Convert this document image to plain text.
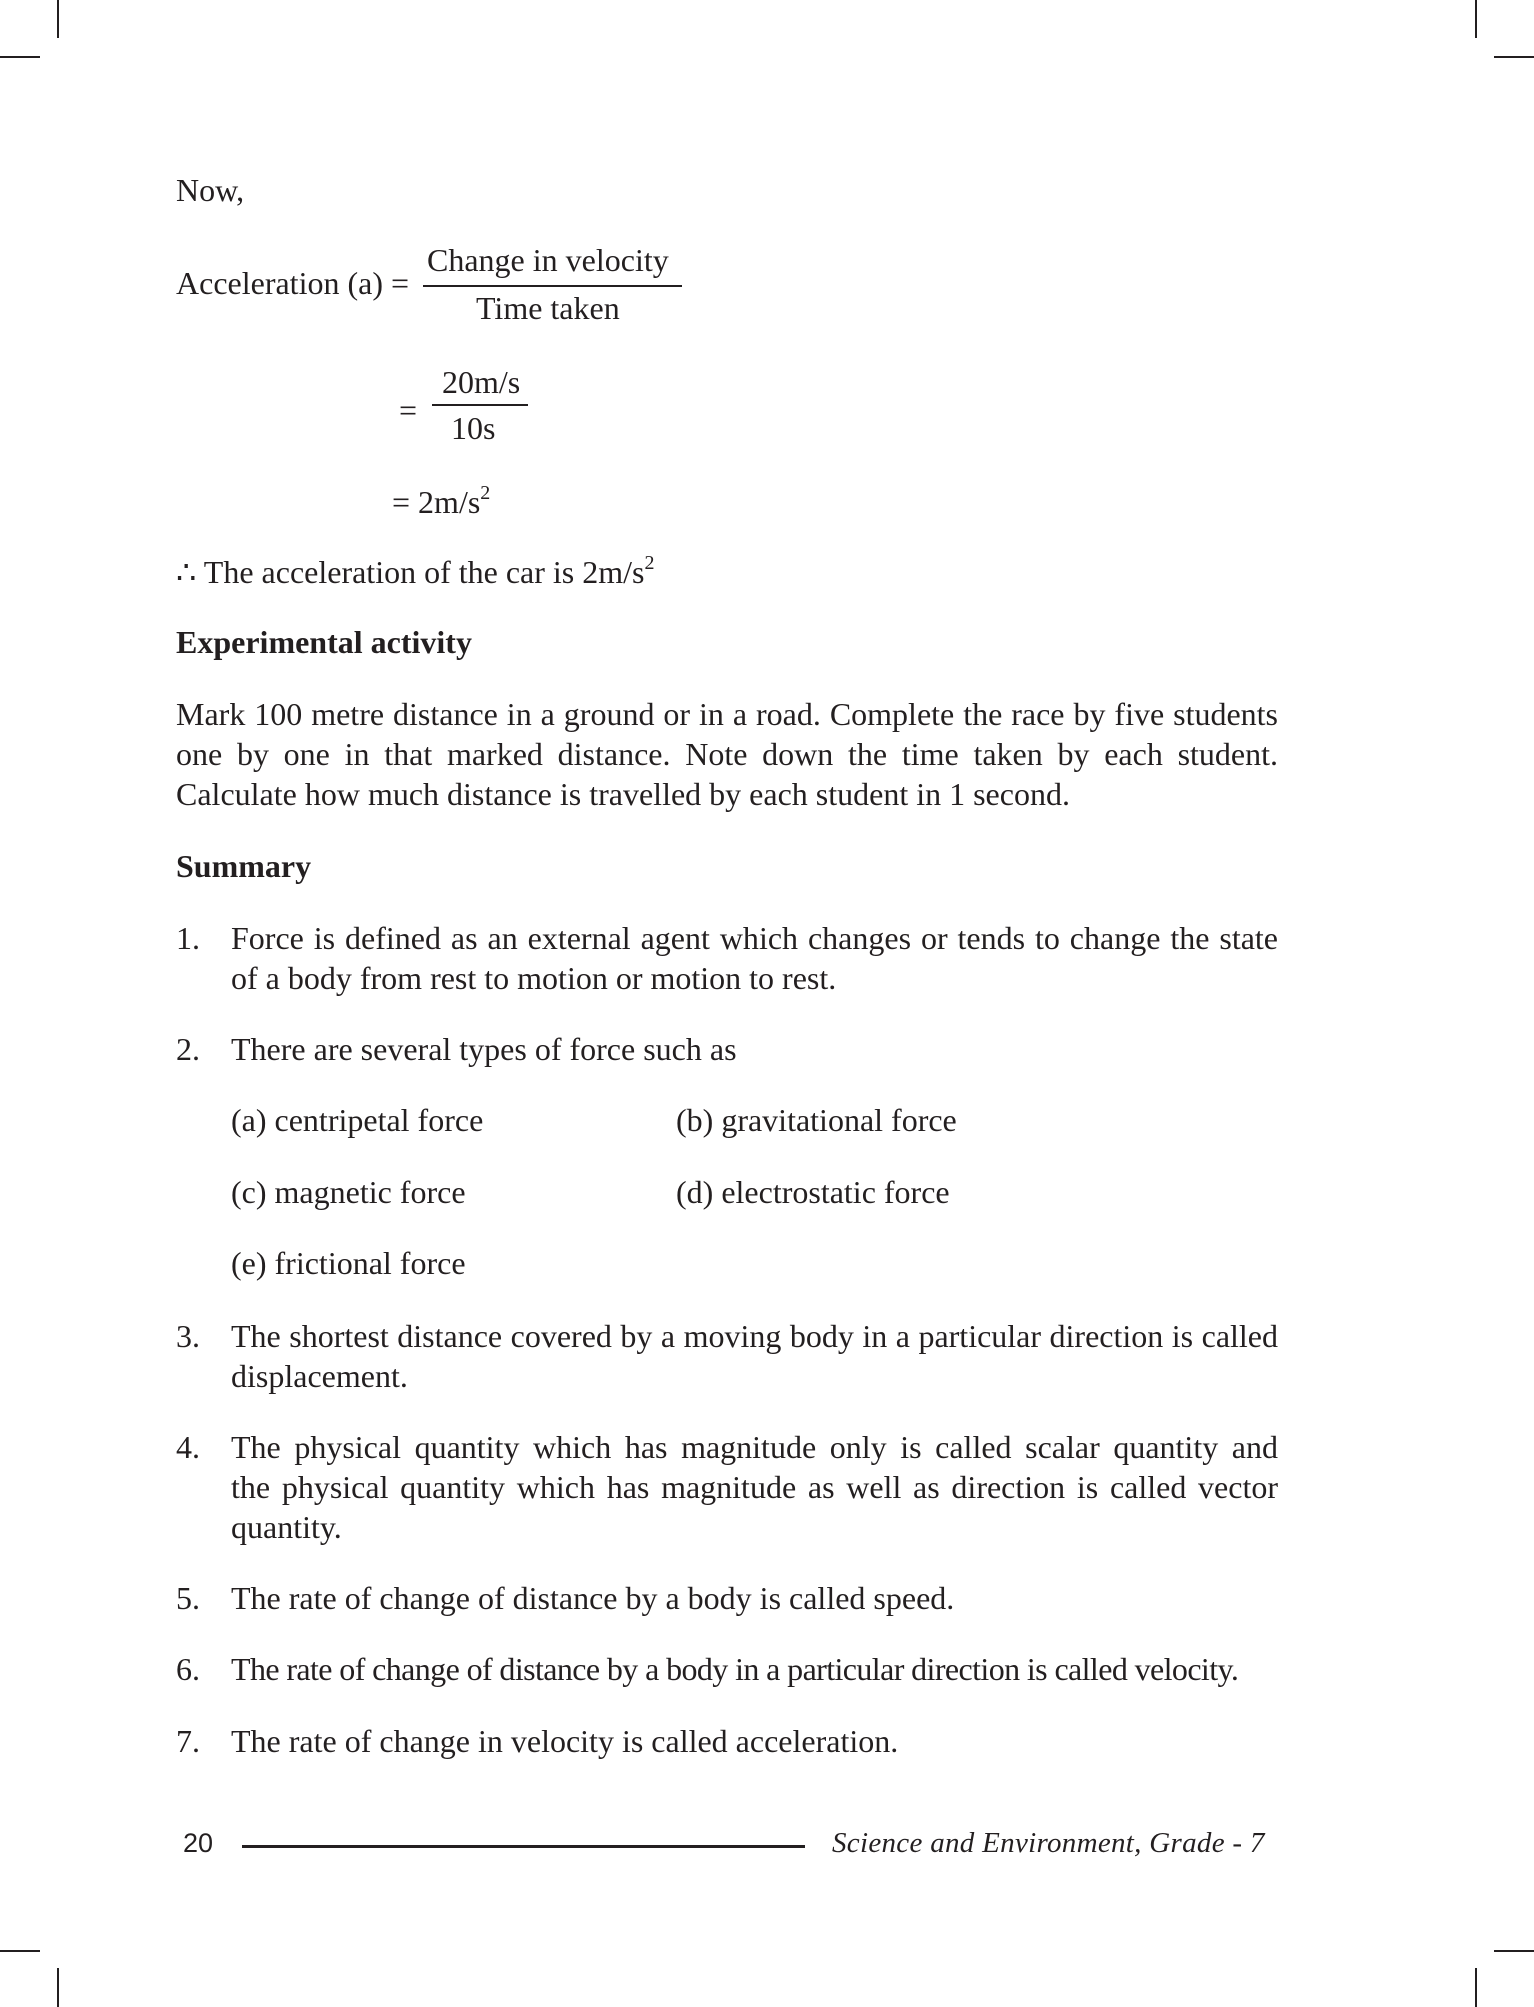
Now,
Acceleration (a) =
Change in velocity
Time taken
=
20m/s
10s
= $2m/s^2$
∴ The acceleration of the car is $2m/s^2$
Experimental activity
Mark 100 metre distance in a ground or in a road. Complete the race by five students
one by one in that marked distance. Note down the time taken by each student.
Calculate how much distance is travelled by each student in 1 second.
Summary
1. Force is defined as an external agent which changes or tends to change the state
of a body from rest to motion or motion to rest.
2. There are several types of force such as
(a) centripetal force	(b) gravitational force
(c) magnetic force	(d) electrostatic force
(e) frictional force
3. The shortest distance covered by a moving body in a particular direction is called
displacement.
4. The physical quantity which has magnitude only is called scalar quantity and
the physical quantity which has magnitude as well as direction is called vector
quantity.
5. The rate of change of distance by a body is called speed.
6. The rate of change of distance by a body in a particular direction is called velocity.
7. The rate of change in velocity is called acceleration.
20	Science and Environment, Grade - 7
